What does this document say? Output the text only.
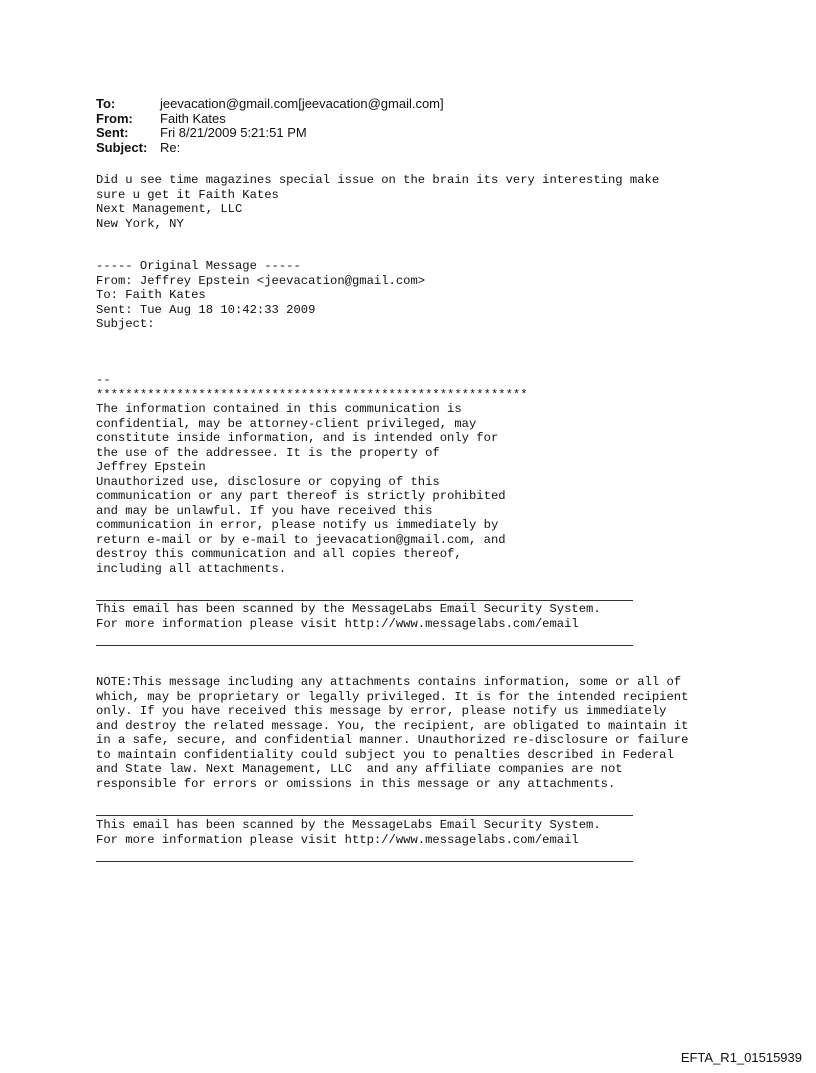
To:	jeevacation@gmail.com[jeevacation@gmail.com]
From:	Faith Kates
Sent:	Fri 8/21/2009 5:21:51 PM
Subject: Re:
Did u see time magazines special issue on the brain its very interesting make
sure u get it Faith Kates
Next Management, LLC
New York, NY
----- Original Message -----
From: Jeffrey Epstein <jeevacation@gmail.com>
To: Faith Kates
Sent: Tue Aug 18 10:42:33 2009
Subject:
--
***********************************************************
The information contained in this communication is
confidential, may be attorney-client privileged, may
constitute inside information, and is intended only for
the use of the addressee. It is the property of
Jeffrey Epstein
Unauthorized use, disclosure or copying of this
communication or any part thereof is strictly prohibited
and may be unlawful. If you have received this
communication in error, please notify us immediately by
return e-mail or by e-mail to jeevacation@gmail.com, and
destroy this communication and all copies thereof,
including all attachments.
This email has been scanned by the MessageLabs Email Security System.
For more information please visit http://www.messagelabs.com/email
NOTE:This message including any attachments contains information, some or all of
which, may be proprietary or legally privileged. It is for the intended recipient
only. If you have received this message by error, please notify us immediately
and destroy the related message. You, the recipient, are obligated to maintain it
in a safe, secure, and confidential manner. Unauthorized re-disclosure or failure
to maintain confidentiality could subject you to penalties described in Federal
and State law. Next Management, LLC  and any affiliate companies are not
responsible for errors or omissions in this message or any attachments.
This email has been scanned by the MessageLabs Email Security System.
For more information please visit http://www.messagelabs.com/email
EFTA_R1_01515939
